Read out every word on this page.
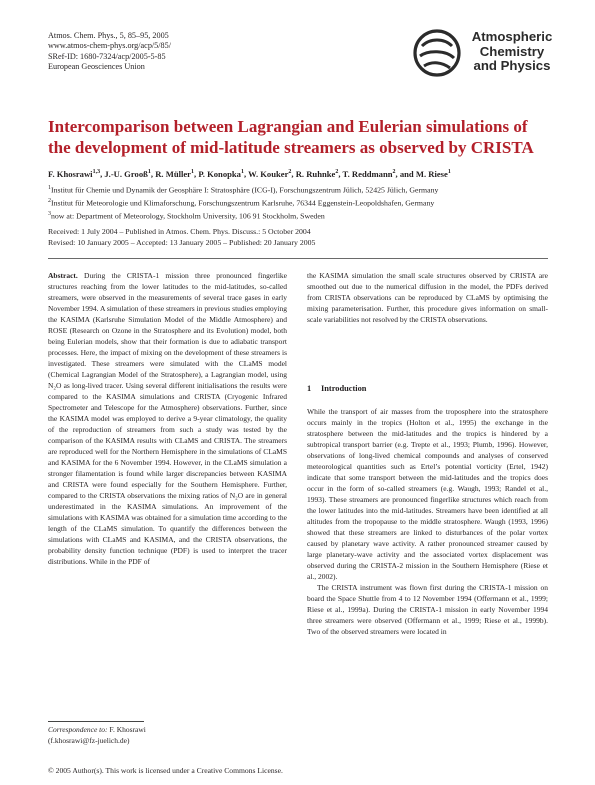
Atmos. Chem. Phys., 5, 85–95, 2005
www.atmos-chem-phys.org/acp/5/85/
SRef-ID: 1680-7324/acp/2005-5-85
European Geosciences Union
Atmospheric
Chemistry
and Physics
Intercomparison between Lagrangian and Eulerian simulations of
the development of mid-latitude streamers as observed by CRISTA
F. Khosrawi$^{1,3}$, J.-U. Grooß$^1$, R. Müller$^1$, P. Konopka$^1$, W. Kouker$^2$, R. Ruhnke$^2$, T. Reddmann$^2$, and M. Riese$^1$
$^1$Institut für Chemie und Dynamik der Geosphäre I: Stratosphäre (ICG-I), Forschungszentrum Jülich, 52425 Jülich, Germany
$^2$Institut für Meteorologie und Klimaforschung, Forschungszentrum Karlsruhe, 76344 Eggenstein-Leopoldshafen, Germany
$^3$now at: Department of Meteorology, Stockholm University, 106 91 Stockholm, Sweden
Received: 1 July 2004 – Published in Atmos. Chem. Phys. Discuss.: 5 October 2004
Revised: 10 January 2005 – Accepted: 13 January 2005 – Published: 20 January 2005

Abstract. During the CRISTA-1 mission three pronounced fingerlike structures reaching from the lower latitudes to the mid-latitudes, so-called streamers, were observed in the measurements of several trace gases in early November 1994. A simulation of these streamers in previous studies employing the KASIMA (Karlsruhe Simulation Model of the Middle Atmosphere) and ROSE (Research on Ozone in the Stratosphere and its Evolution) model, both being Eulerian models, show that their formation is due to adiabatic transport processes. Here, the impact of mixing on the development of these streamers is investigated. These streamers were simulated with the CLaMS model (Chemical Lagrangian Model of the Stratosphere), a Lagrangian model, using N₂O as long-lived tracer. Using several different initialisations the results were compared to the KASIMA simulations and CRISTA (Cryogenic Infrared Spectrometer and Telescope for the Atmosphere) observations. Further, since the KASIMA model was employed to derive a 9-year climatology, the quality of the reproduction of streamers from such a study was tested by the comparison of the KASIMA results with CLaMS and CRISTA. The streamers are reproduced well for the Northern Hemisphere in the simulations of CLaMS and KASIMA for the 6 November 1994. However, in the CLaMS simulation a stronger filamentation is found while larger discrepancies between KASIMA and CRISTA were found especially for the Southern Hemisphere. Further, compared to the CRISTA observations the mixing ratios of N₂O are in general underestimated in the KASIMA simulations. An improvement of the simulations with KASIMA was obtained for a simulation time according to the length of the CLaMS simulation. To quantify the differences between the simulations with CLaMS and KASIMA, and the CRISTA observations, the probability density function technique (PDF) is used to interpret the tracer distributions. While in the PDF of

the KASIMA simulation the small scale structures observed by CRISTA are smoothed out due to the numerical diffusion in the model, the PDFs derived from CRISTA observations can be reproduced by CLaMS by optimising the mixing parameterisation. Further, this procedure gives information on small-scale variabilities not resolved by the CRISTA observations.

1 Introduction

While the transport of air masses from the troposphere into the stratosphere occurs mainly in the tropics (Holton et al., 1995) the exchange in the stratosphere between the mid-latitudes and the tropics is hindered by a subtropical transport barrier (e.g. Trepte et al., 1993; Plumb, 1996). However, observations of long-lived chemical compounds and analyses of conserved meteorological quantities such as Ertel’s potential vorticity (Ertel, 1942) indicate that some transport between the mid-latitudes and the tropics does occur in the form of so-called streamers (e.g. Waugh, 1993; Randel et al., 1993). These streamers are pronounced fingerlike structures which reach from the lower latitudes into the mid-latitudes. Streamers have been identified at all altitudes from the tropopause to the middle stratosphere. Waugh (1993, 1996) showed that these streamers are linked to disturbances of the polar vortex caused by planetary wave activity. A rather pronounced streamer caused by large planetary-wave activity and the associated vortex displacement was observed during the CRISTA-2 mission in the Southern Hemisphere (Riese et al., 2002).

The CRISTA instrument was flown first during the CRISTA-1 mission on board the Space Shuttle from 4 to 12 November 1994 (Offermann et al., 1999; Riese et al., 1999a). During the CRISTA-1 mission in early November 1994 three streamers were observed (Offermann et al., 1999; Riese et al., 1999b). Two of the observed streamers were located in

Correspondence to: F. Khosrawi
(f.khosrawi@fz-juelich.de)
© 2005 Author(s). This work is licensed under a Creative Commons License.
